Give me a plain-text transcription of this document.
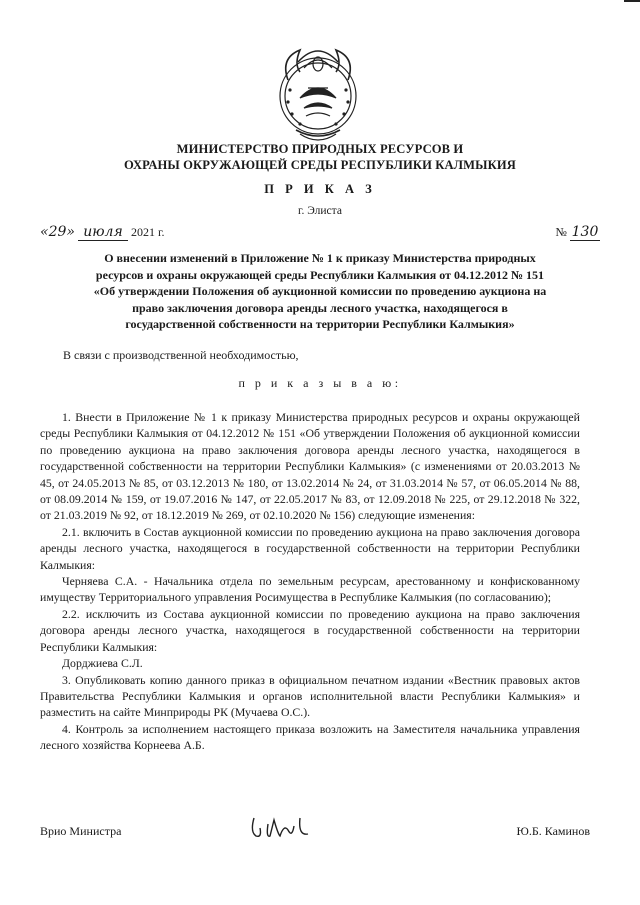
МИНИСТЕРСТВО ПРИРОДНЫХ РЕСУРСОВ И
ОХРАНЫ ОКРУЖАЮЩЕЙ СРЕДЫ РЕСПУБЛИКИ КАЛМЫКИЯ
П Р И К А З
г. Элиста
«29» июля 2021 г.	№ 130
О внесении изменений в Приложение № 1 к приказу Министерства природных
ресурсов и охраны окружающей среды Республики Калмыкия от 04.12.2012 № 151
«Об утверждении Положения об аукционной комиссии по проведению аукциона на
право заключения договора аренды лесного участка, находящегося в
государственной собственности на территории Республики Калмыкия»
В связи с производственной необходимостью,
п р и к а з ы в а ю:

1. Внести в Приложение № 1 к приказу Министерства природных ресурсов и охраны окружающей среды Республики Калмыкия от 04.12.2012 № 151 «Об утверждении Положения об аукционной комиссии по проведению аукциона на право заключения договора аренды лесного участка, находящегося в государственной собственности на территории Республики Калмыкия» (с изменениями от 20.03.2013 № 45, от 24.05.2013 № 85, от 03.12.2013 № 180, от 13.02.2014 № 24, от 31.03.2014 № 57, от 06.05.2014 № 88, от 08.09.2014 № 159, от 19.07.2016 № 147, от 22.05.2017 № 83, от 12.09.2018 № 225, от 29.12.2018 № 322, от 21.03.2019 № 92, от 18.12.2019 № 269, от 02.10.2020 № 156) следующие изменения:

2.1. включить в Состав аукционной комиссии по проведению аукциона на право заключения договора аренды лесного участка, находящегося в государственной собственности на территории Республики Калмыкия:

Черняева С.А. - Начальника отдела по земельным ресурсам, арестованному и конфискованному имуществу Территориального управления Росимущества в Республике Калмыкия (по согласованию);

2.2. исключить из Состава аукционной комиссии по проведению аукциона на право заключения договора аренды лесного участка, находящегося в государственной собственности на территории Республики Калмыкия:

Дорджиева С.Л.

3. Опубликовать копию данного приказ в официальном печатном издании «Вестник правовых актов Правительства Республики Калмыкия и органов исполнительной власти Республики Калмыкия» и разместить на сайте Минприроды РК (Мучаева О.С.).

4. Контроль за исполнением настоящего приказа возложить на Заместителя начальника управления лесного хозяйства Корнеева А.Б.

Врио Министра	Ю.Б. Каминов
